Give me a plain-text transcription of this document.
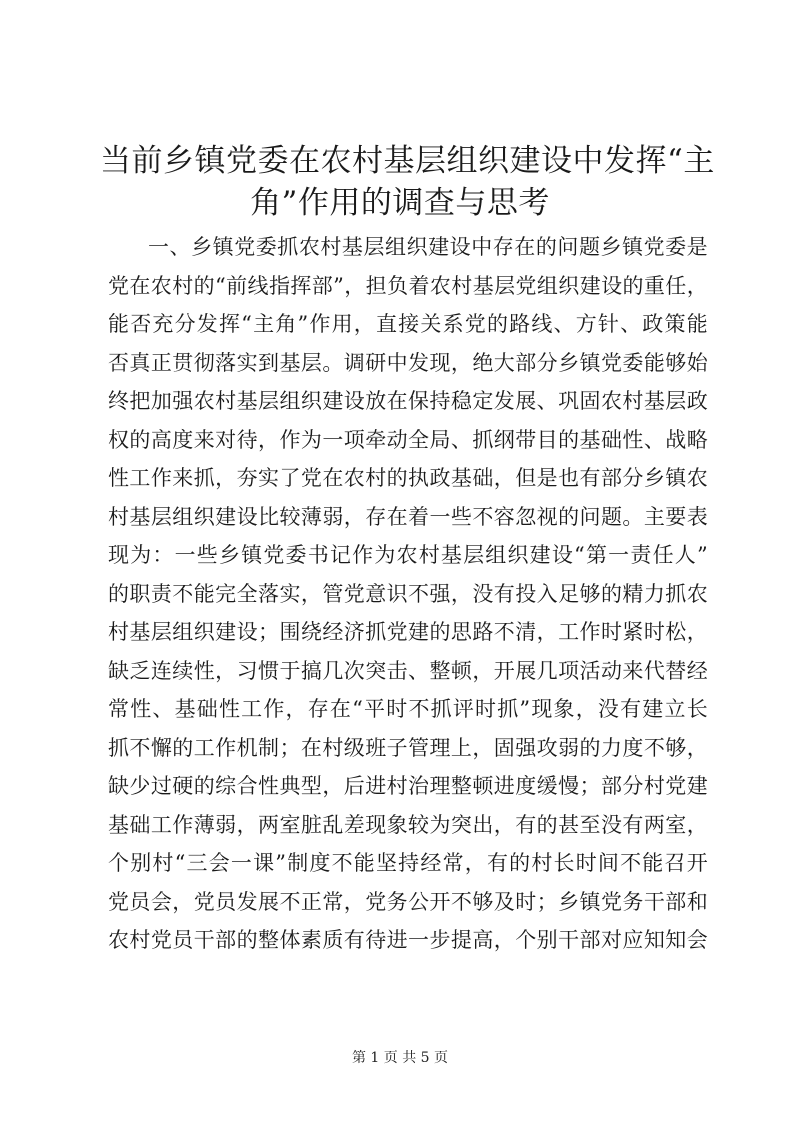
当前乡镇党委在农村基层组织建设中发挥“主
角”作用的调查与思考
一、乡镇党委抓农村基层组织建设中存在的问题乡镇党委是
党在农村的“前线指挥部”，担负着农村基层党组织建设的重任，
能否充分发挥“主角”作用，直接关系党的路线、方针、政策能
否真正贯彻落实到基层。调研中发现，绝大部分乡镇党委能够始
终把加强农村基层组织建设放在保持稳定发展、巩固农村基层政
权的高度来对待，作为一项牵动全局、抓纲带目的基础性、战略
性工作来抓，夯实了党在农村的执政基础，但是也有部分乡镇农
村基层组织建设比较薄弱，存在着一些不容忽视的问题。主要表
现为：一些乡镇党委书记作为农村基层组织建设“第一责任人”
的职责不能完全落实，管党意识不强，没有投入足够的精力抓农
村基层组织建设；围绕经济抓党建的思路不清，工作时紧时松，
缺乏连续性，习惯于搞几次突击、整顿，开展几项活动来代替经
常性、基础性工作，存在“平时不抓评时抓”现象，没有建立长
抓不懈的工作机制；在村级班子管理上，固强攻弱的力度不够，
缺少过硬的综合性典型，后进村治理整顿进度缓慢；部分村党建
基础工作薄弱，两室脏乱差现象较为突出，有的甚至没有两室，
个别村“三会一课”制度不能坚持经常，有的村长时间不能召开
党员会，党员发展不正常，党务公开不够及时；乡镇党务干部和
农村党员干部的整体素质有待进一步提高，个别干部对应知知会
第 1 页 共 5 页
